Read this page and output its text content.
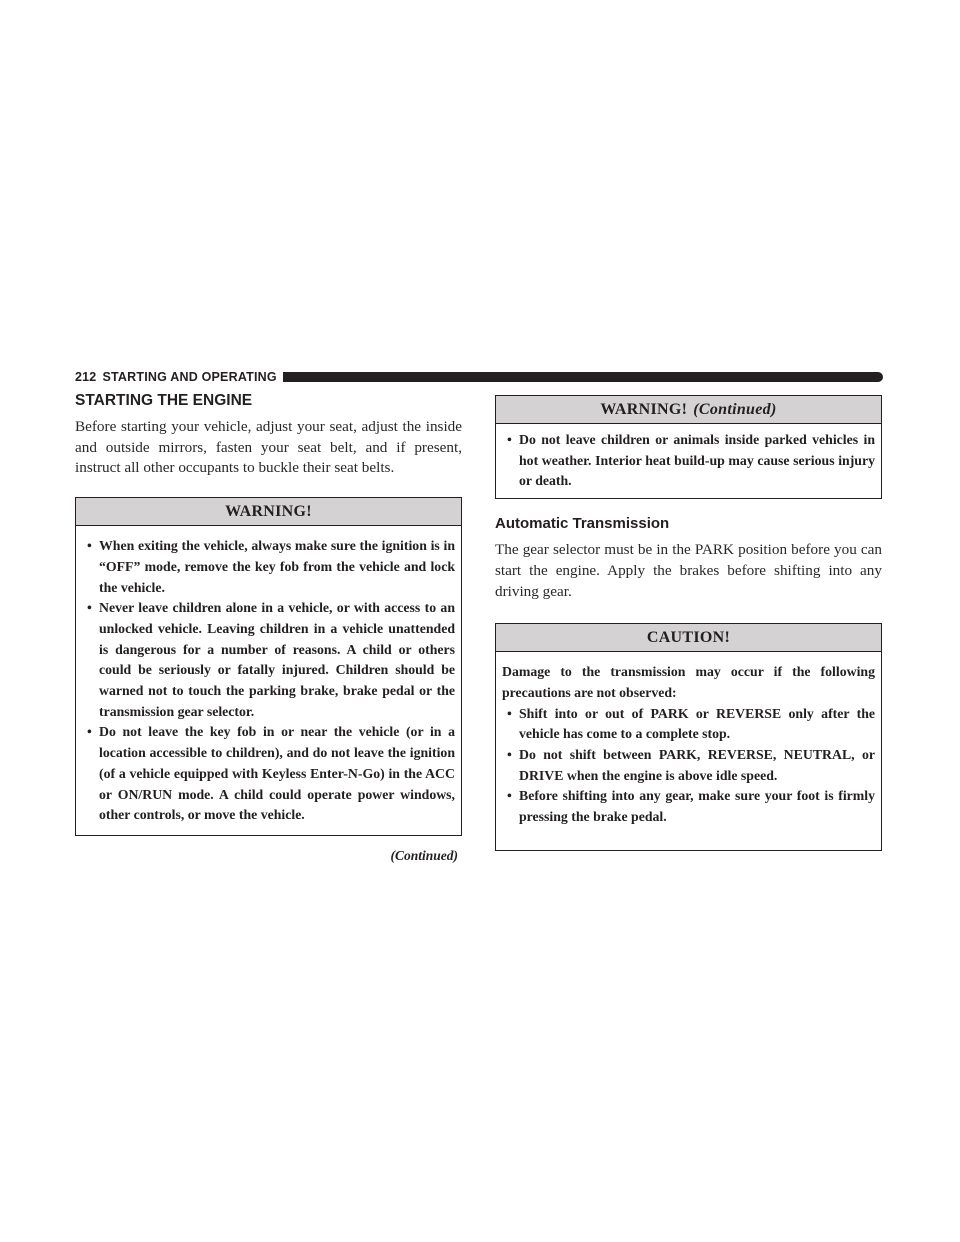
212 STARTING AND OPERATING
STARTING THE ENGINE

Before starting your vehicle, adjust your seat, adjust the inside and outside mirrors, fasten your seat belt, and if present, instruct all other occupants to buckle their seat belts.

WARNING!
• When exiting the vehicle, always make sure the ignition is in “OFF” mode, remove the key fob from the vehicle and lock the vehicle.
• Never leave children alone in a vehicle, or with access to an unlocked vehicle. Leaving children in a vehicle unattended is dangerous for a number of reasons. A child or others could be seriously or fatally injured. Children should be warned not to touch the parking brake, brake pedal or the transmission gear selector.
• Do not leave the key fob in or near the vehicle (or in a location accessible to children), and do not leave the ignition (of a vehicle equipped with Keyless Enter-N-Go) in the ACC or ON/RUN mode. A child could operate power windows, other controls, or move the vehicle.
(Continued)
WARNING! (Continued)
• Do not leave children or animals inside parked vehicles in hot weather. Interior heat build-up may cause serious injury or death.
Automatic Transmission

The gear selector must be in the PARK position before you can start the engine. Apply the brakes before shifting into any driving gear.

CAUTION!

Damage to the transmission may occur if the following precautions are not observed:

• Shift into or out of PARK or REVERSE only after the vehicle has come to a complete stop.
• Do not shift between PARK, REVERSE, NEUTRAL, or DRIVE when the engine is above idle speed.
• Before shifting into any gear, make sure your foot is firmly pressing the brake pedal.
